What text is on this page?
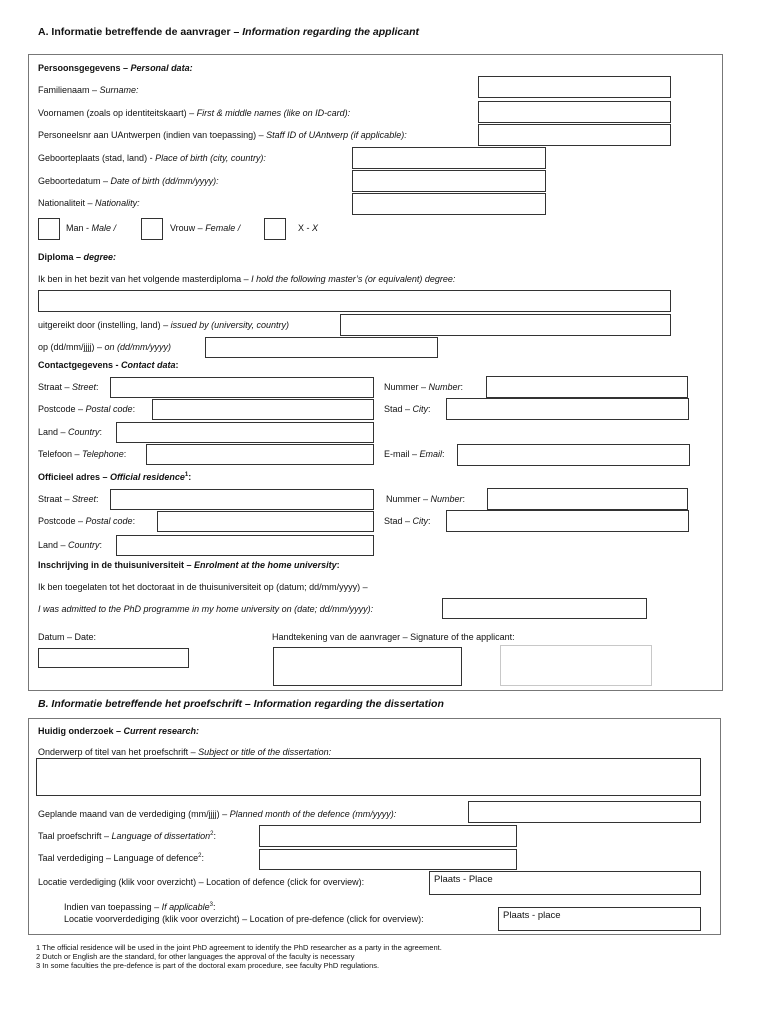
A. Informatie betreffende de aanvrager – Information regarding the applicant
Persoonsgegevens – Personal data:
Familienaam – Surname:
Voornamen (zoals op identiteitskaart) – First & middle names (like on ID-card):
Personeelsnr aan UAntwerpen (indien van toepassing) – Staff ID of UAntwerp (if applicable):
Geboorteplaats (stad, land) - Place of birth (city, country):
Geboortedatum – Date of birth (dd/mm/yyyy):
Nationaliteit – Nationality:
Man - Male /	Vrouw – Female /	X - X
Diploma – degree:
Ik ben in het bezit van het volgende masterdiploma – I hold the following master’s (or equivalent) degree:
uitgereikt door (instelling, land) – issued by (university, country)
op (dd/mm/jjjj) – on (dd/mm/yyyy)
Contactgegevens - Contact data:
Straat – Street:	Nummer – Number:
Postcode – Postal code:	Stad – City:
Land – Country:
Telefoon – Telephone:	E-mail – Email:
Officieel adres – Official residence$^1$:
Straat – Street:	Nummer – Number:
Postcode – Postal code:	Stad – City:
Land – Country:
Inschrijving in de thuisuniversiteit – Enrolment at the home university:
Ik ben toegelaten tot het doctoraat in de thuisuniversiteit op (datum; dd/mm/yyyy) –
I was admitted to the PhD programme in my home university on (date; dd/mm/yyyy):
Datum – Date:	Handtekening van de aanvrager – Signature of the applicant:
B. Informatie betreffende het proefschrift – Information regarding the dissertation
Huidig onderzoek – Current research:
Onderwerp of titel van het proefschrift – Subject or title of the dissertation:
Geplande maand van de verdediging (mm/jjjj) – Planned month of the defence (mm/yyyy):
Taal proefschrift – Language of dissertation$^2$:
Taal verdediging – Language of defence$^2$:
Locatie verdediging (klik voor overzicht) – Location of defence (click for overview):	Plaats - Place
Indien van toepassing – If applicable$^3$:
Locatie voorverdediging (klik voor overzicht) – Location of pre-defence (click for overview):	Plaats - place
1 The official residence will be used in the joint PhD agreement to identify the PhD researcher as a party in the agreement.
2 Dutch or English are the standard, for other languages the approval of the faculty is necessary
3 In some faculties the pre-defence is part of the doctoral exam procedure, see faculty PhD regulations.
